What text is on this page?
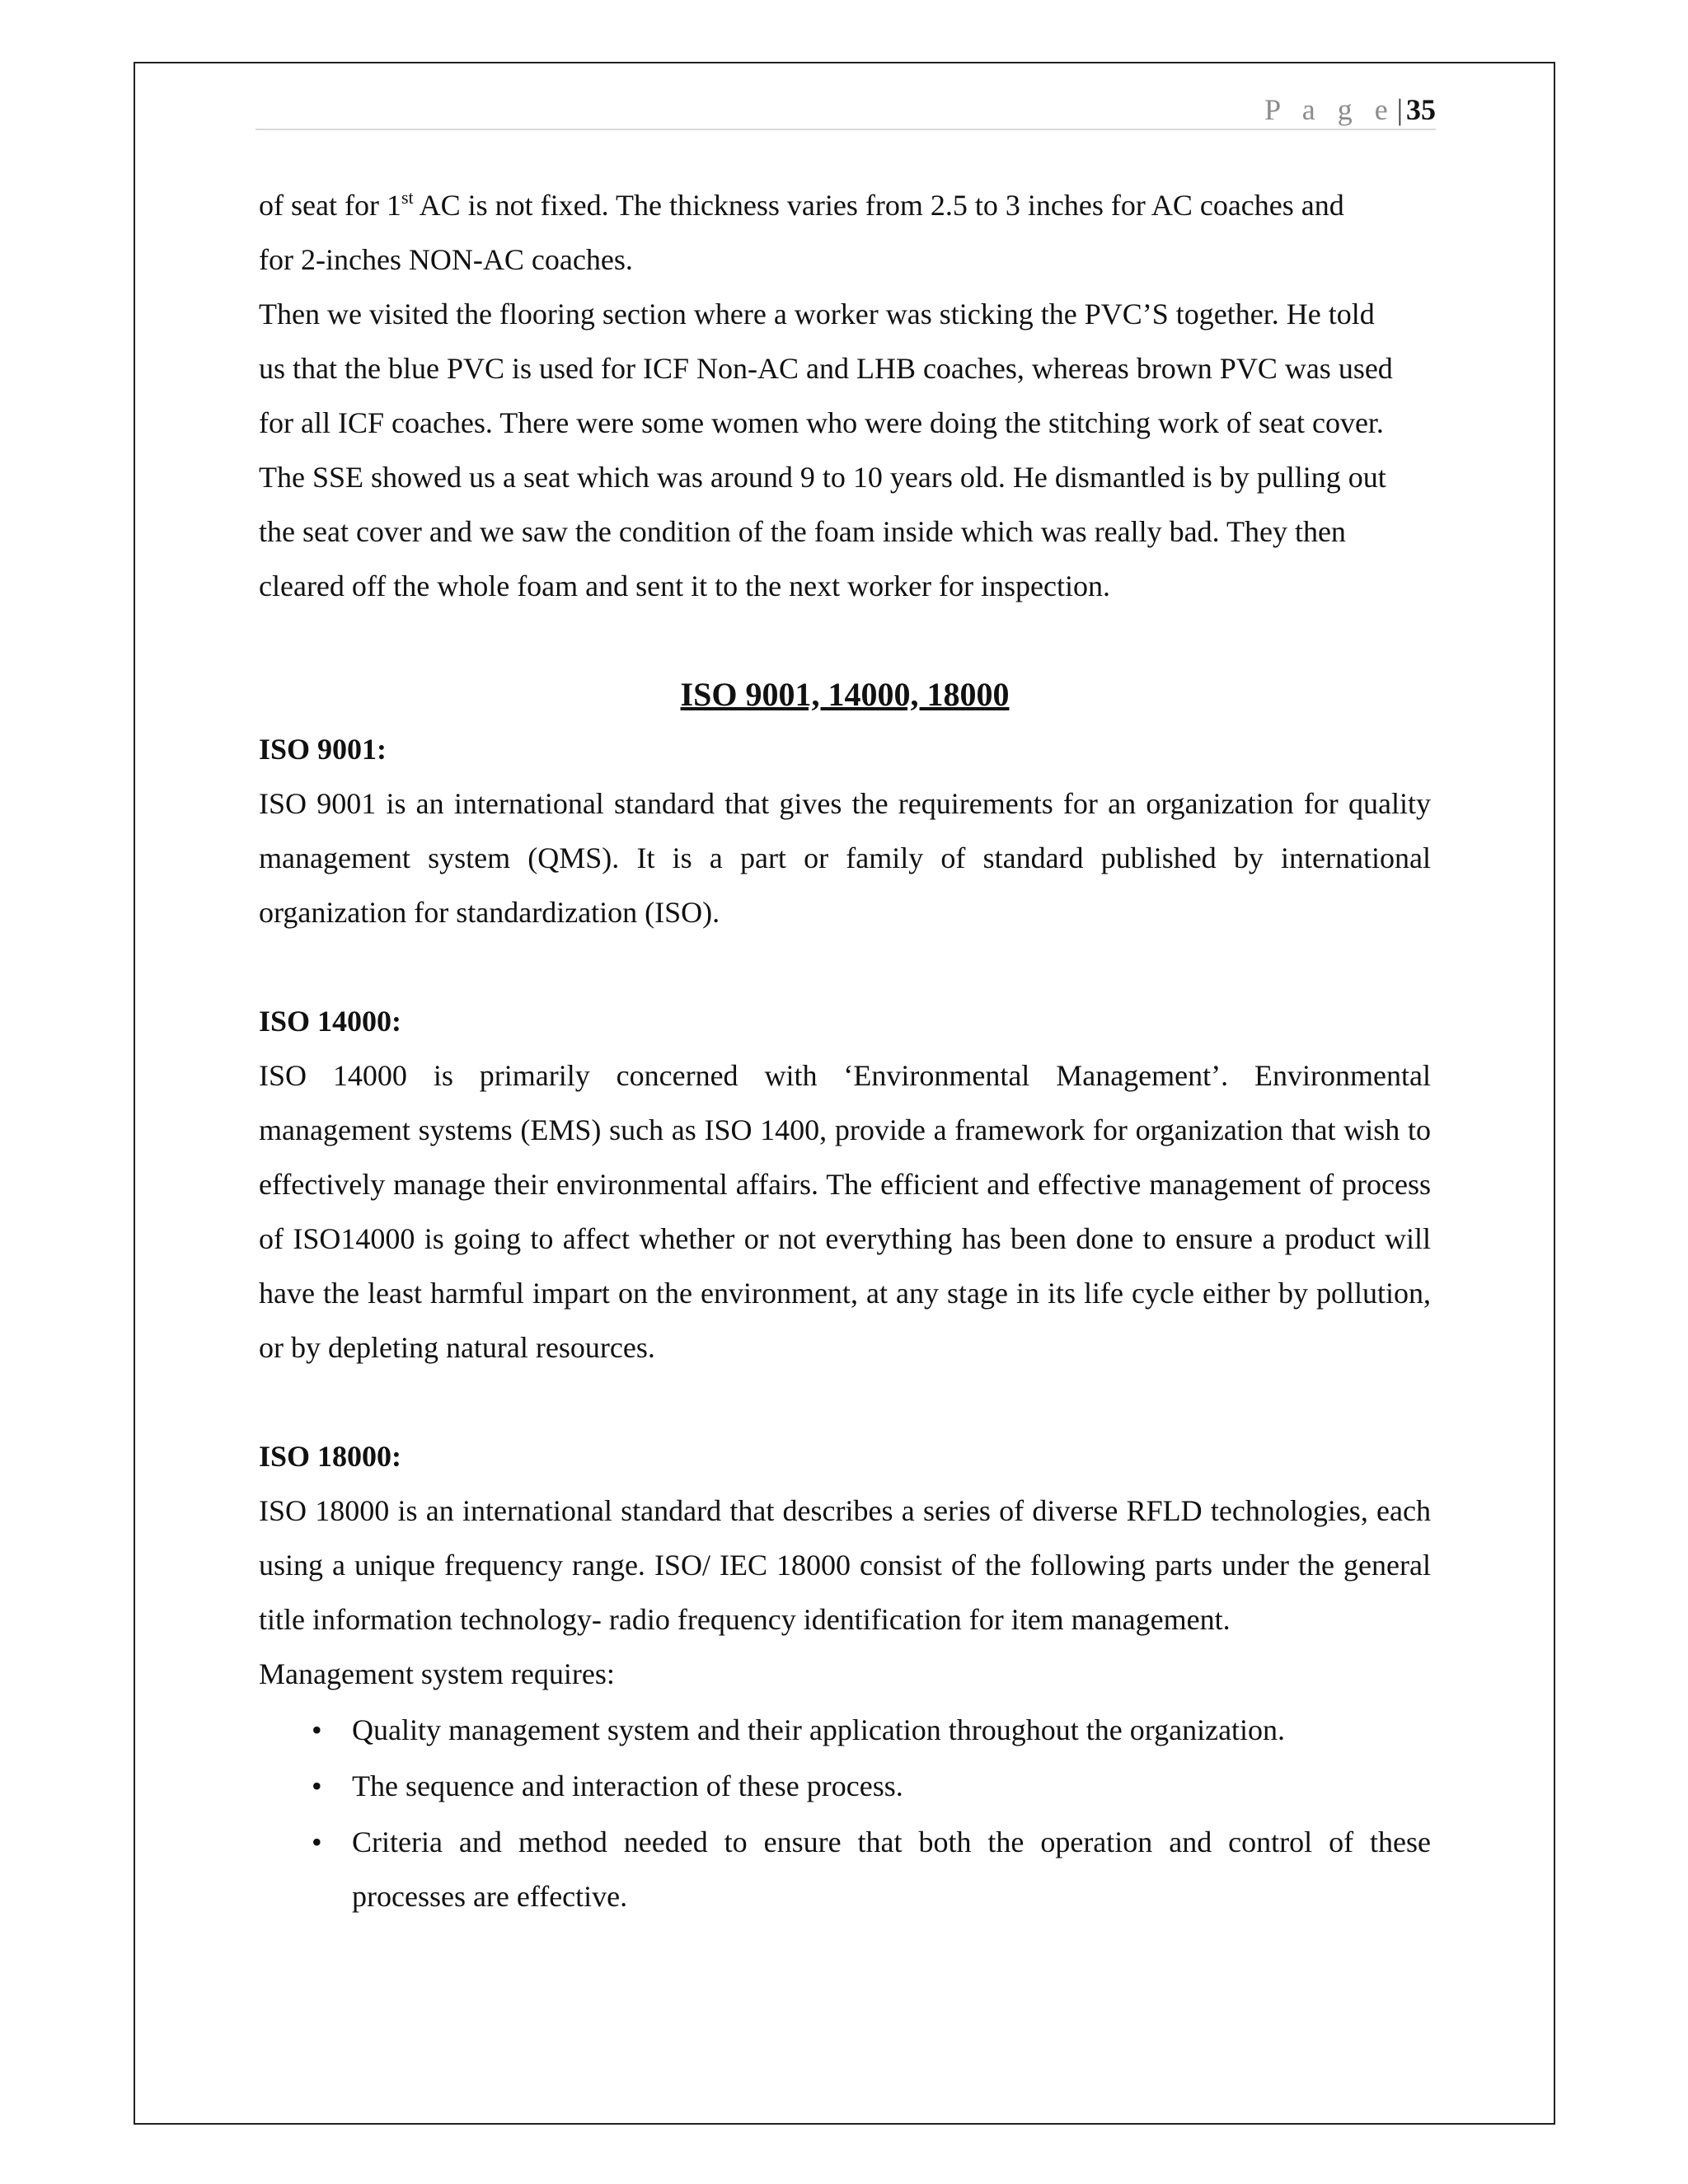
P a g e| 35

of seat for 1st AC is not fixed. The thickness varies from 2.5 to 3 inches for AC coaches and
for 2-inches NON-AC coaches.

Then we visited the flooring section where a worker was sticking the PVC’S together. He told us that the blue PVC is used for ICF Non-AC and LHB coaches, whereas brown PVC was used for all ICF coaches. There were some women who were doing the stitching work of seat cover. The SSE showed us a seat which was around 9 to 10 years old. He dismantled is by pulling out the seat cover and we saw the condition of the foam inside which was really bad. They then cleared off the whole foam and sent it to the next worker for inspection.

ISO 9001, 14000, 18000

ISO 9001:

ISO 9001 is an international standard that gives the requirements for an organization for quality management system (QMS). It is a part or family of standard published by international organization for standardization (ISO).

ISO 14000:

ISO 14000 is primarily concerned with ‘Environmental Management’. Environmental management systems (EMS) such as ISO 1400, provide a framework for organization that wish to effectively manage their environmental affairs. The efficient and effective management of process of ISO14000 is going to affect whether or not everything has been done to ensure a product will have the least harmful impart on the environment, at any stage in its life cycle either by pollution, or by depleting natural resources.

ISO 18000:

ISO 18000 is an international standard that describes a series of diverse RFLD technologies, each using a unique frequency range. ISO/ IEC 18000 consist of the following parts under the general title information technology- radio frequency identification for item management.

Management system requires:

• Quality management system and their application throughout the organization.
• The sequence and interaction of these process.
• Criteria and method needed to ensure that both the operation and control of these processes are effective.
